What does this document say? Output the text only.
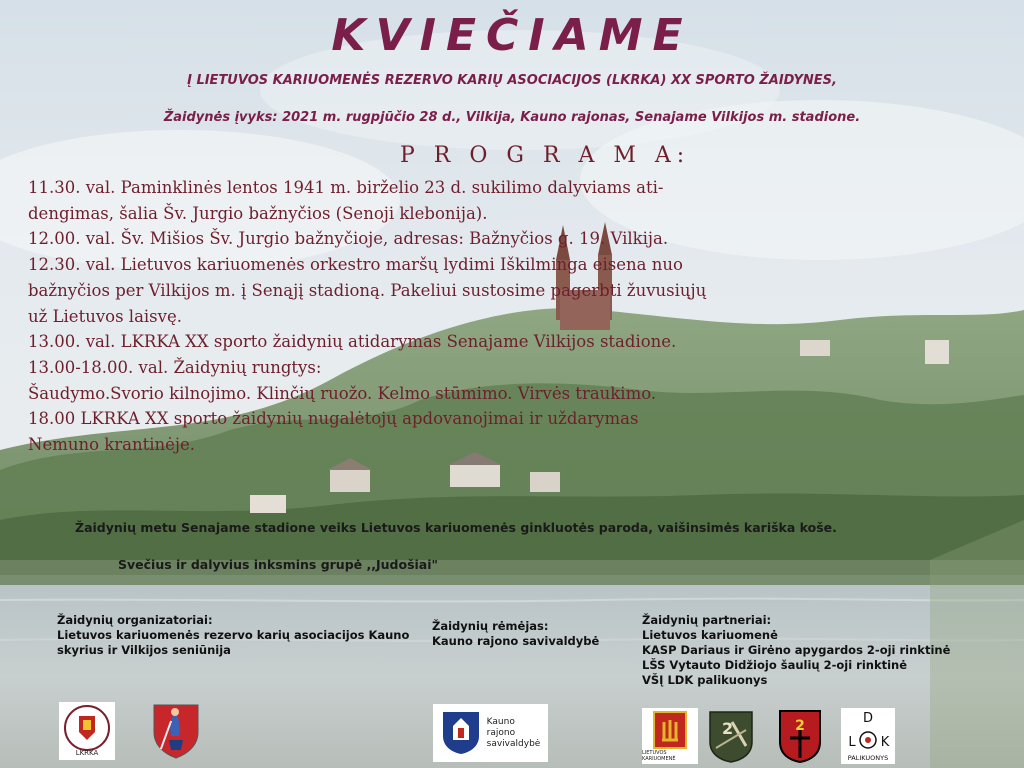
KVIEČIAME
Į LIETUVOS KARIUOMENĖS REZERVO KARIŲ ASOCIACIJOS (LKRKA) XX SPORTO ŽAIDYNES,
Žaidynės įvyks: 2021 m. rugpjūčio 28 d., Vilkija, Kauno rajonas, Senajame Vilkijos m. stadione.
P R O G R A M A:
11.30. val. Paminklinės lentos 1941 m. birželio 23 d. sukilimo dalyviams ati-
dengimas, šalia Šv. Jurgio bažnyčios (Senoji klebonija).
12.00. val. Šv. Mišios Šv. Jurgio bažnyčioje, adresas: Bažnyčios g. 19. Vilkija.
12.30. val. Lietuvos kariuomenės orkestro maršų lydimi Iškilminga eisena nuo
bažnyčios per Vilkijos m. į Senąjį stadioną. Pakeliui sustosime pagerbti žuvusiųjų
už Lietuvos laisvę.
13.00. val. LKRKA XX sporto žaidynių atidarymas Senajame Vilkijos stadione.
13.00-18.00. val. Žaidynių rungtys:
Šaudymo.Svorio kilnojimo. Klinčių ruožo. Kelmo stūmimo. Virvės traukimo.
18.00 LKRKA XX sporto žaidynių nugalėtojų apdovanojimai ir uždarymas
Nemuno krantinėje.
Žaidynių metu Senajame stadione veiks Lietuvos kariuomenės ginkluotės paroda, vaišinsimės kariška koše.
Svečius ir dalyvius inksmins grupė ,,Judošiai"
Žaidynių organizatoriai:
Lietuvos kariuomenės rezervo karių asociacijos Kauno
skyrius ir Vilkijos seniūnija
Žaidynių rėmėjas:
Kauno rajono savivaldybė
Žaidynių partneriai:
Lietuvos kariuomenė
KASP Dariaus ir Girėno apygardos 2-oji rinktinė
LŠS Vytauto Didžiojo šaulių 2-oji rinktinė
VŠĮ LDK palikuonys
LKRKA
Kauno
rajono
savivaldybė
LIETUVOS KARIUOMENĖ
2	2	D
L K
PALIKUONYS
